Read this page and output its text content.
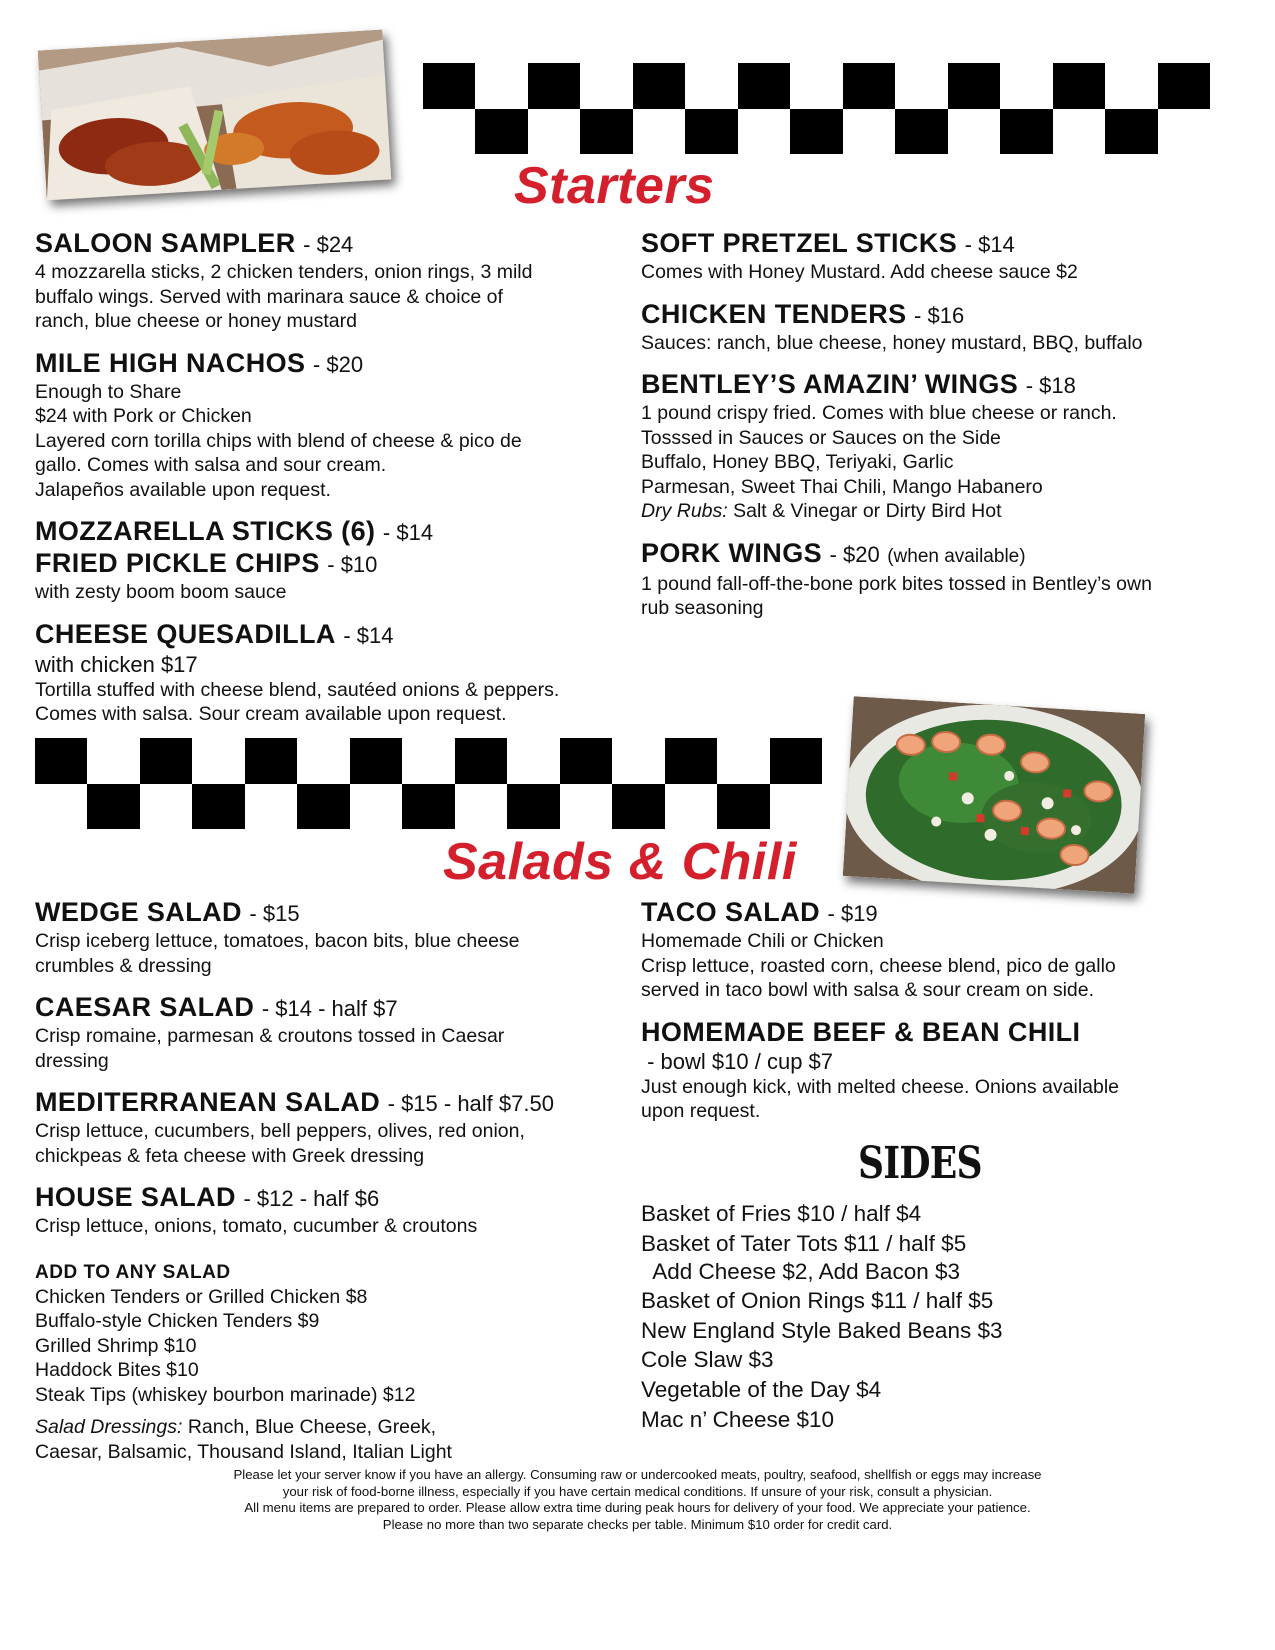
Starters
SALOON SAMPLER - $24
4 mozzarella sticks, 2 chicken tenders, onion rings, 3 mild
buffalo wings. Served with marinara sauce & choice of
ranch, blue cheese or honey mustard
MILE HIGH NACHOS - $20
Enough to Share
$24 with Pork or Chicken
Layered corn torilla chips with blend of cheese & pico de
gallo. Comes with salsa and sour cream.
Jalapeños available upon request.
MOZZARELLA STICKS (6) - $14
FRIED PICKLE CHIPS - $10
with zesty boom boom sauce
CHEESE QUESADILLA - $14
with chicken $17
Tortilla stuffed with cheese blend, sautéed onions & peppers.
Comes with salsa. Sour cream available upon request.
SOFT PRETZEL STICKS - $14
Comes with Honey Mustard. Add cheese sauce $2
CHICKEN TENDERS - $16
Sauces: ranch, blue cheese, honey mustard, BBQ, buffalo
BENTLEY’S AMAZIN’ WINGS - $18
1 pound crispy fried. Comes with blue cheese or ranch.
Tosssed in Sauces or Sauces on the Side
Buffalo, Honey BBQ, Teriyaki, Garlic
Parmesan, Sweet Thai Chili, Mango Habanero
Dry Rubs: Salt & Vinegar or Dirty Bird Hot
PORK WINGS - $20 (when available)
1 pound fall-off-the-bone pork bites tossed in Bentley’s own
rub seasoning
Salads & Chili
WEDGE SALAD - $15
Crisp iceberg lettuce, tomatoes, bacon bits, blue cheese
crumbles & dressing
CAESAR SALAD - $14 - half $7
Crisp romaine, parmesan & croutons tossed in Caesar
dressing
MEDITERRANEAN SALAD - $15 - half $7.50
Crisp lettuce, cucumbers, bell peppers, olives, red onion,
chickpeas & feta cheese with Greek dressing
HOUSE SALAD - $12 - half $6
Crisp lettuce, onions, tomato, cucumber & croutons
ADD TO ANY SALAD
Chicken Tenders or Grilled Chicken $8
Buffalo-style Chicken Tenders $9
Grilled Shrimp $10
Haddock Bites $10
Steak Tips (whiskey bourbon marinade) $12
Salad Dressings: Ranch, Blue Cheese, Greek,
Caesar, Balsamic, Thousand Island, Italian Light
TACO SALAD - $19
Homemade Chili or Chicken
Crisp lettuce, roasted corn, cheese blend, pico de gallo
served in taco bowl with salsa & sour cream on side.
HOMEMADE BEEF & BEAN CHILI
- bowl $10 / cup $7
Just enough kick, with melted cheese. Onions available
upon request.
SIDES
Basket of Fries $10 / half $4
Basket of Tater Tots $11 / half $5
Add Cheese $2, Add Bacon $3
Basket of Onion Rings $11 / half $5
New England Style Baked Beans $3
Cole Slaw $3
Vegetable of the Day $4
Mac n’ Cheese $10
Please let your server know if you have an allergy. Consuming raw or undercooked meats, poultry, seafood, shellfish or eggs may increase
your risk of food-borne illness, especially if you have certain medical conditions. If unsure of your risk, consult a physician.
All menu items are prepared to order. Please allow extra time during peak hours for delivery of your food. We appreciate your patience.
Please no more than two separate checks per table. Minimum $10 order for credit card.
